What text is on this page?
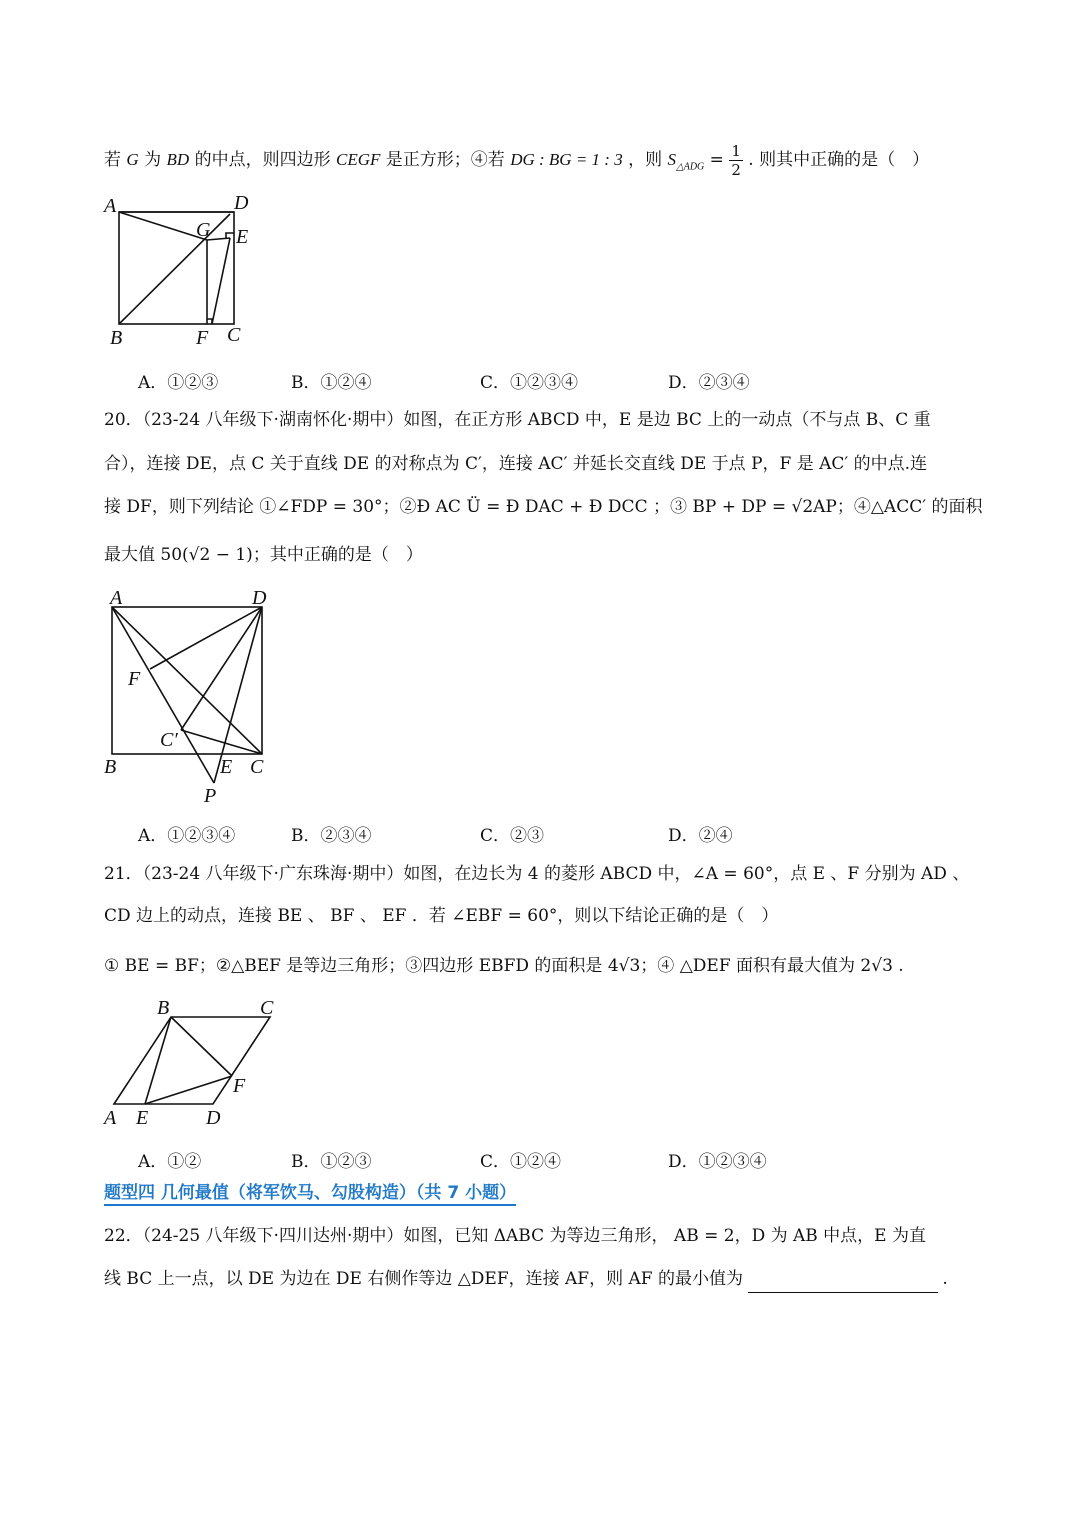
若 G 为 BD 的中点，则四边形 CEGF 是正方形；④若 DG : BG = 1 : 3 ，则 $S_{\triangle ADG} = \frac{1}{2}$ . 则其中正确的是（　）
A	D
G E
B	F C
A．①②③	B．①②④	C．①②③④	D．②③④
20．（23-24 八年级下·湖南怀化·期中）如图，在正方形 ABCD 中，E 是边 BC 上的一动点（不与点 B、C 重
合），连接 DE，点 C 关于直线 DE 的对称点为 C′，连接 AC′ 并延长交直线 DE 于点 P，F 是 AC′ 的中点.连
接 DF，则下列结论 ①∠FDP = 30°；②Ð AC Ü = Ð DAC + Ð DCC ；③ BP + DP = √2AP；④△ACC′ 的面积
最大值 50(√2 − 1)；其中正确的是（　）
A	D
F
C′
B	E C
P
A．①②③④	B．②③④	C．②③	D．②④
21．（23-24 八年级下·广东珠海·期中）如图，在边长为 4 的菱形 ABCD 中，∠A = 60°，点 E 、F 分别为 AD 、
CD 边上的动点，连接 BE 、 BF 、 EF ．若 ∠EBF = 60°，则以下结论正确的是（　）
① BE = BF；②△BEF 是等边三角形；③四边形 EBFD 的面积是 4√3；④ △DEF 面积有最大值为 2√3 .
B	C
A E	D
F
A．①②	B．①②③	C．①②④	D．①②③④
题型四 几何最值（将军饮马、勾股构造）（共 7 小题）
22．（24-25 八年级下·四川达州·期中）如图，已知 ΔABC 为等边三角形， AB = 2，D 为 AB 中点，E 为直
线 BC 上一点，以 DE 为边在 DE 右侧作等边 △DEF，连接 AF，则 AF 的最小值为	.
